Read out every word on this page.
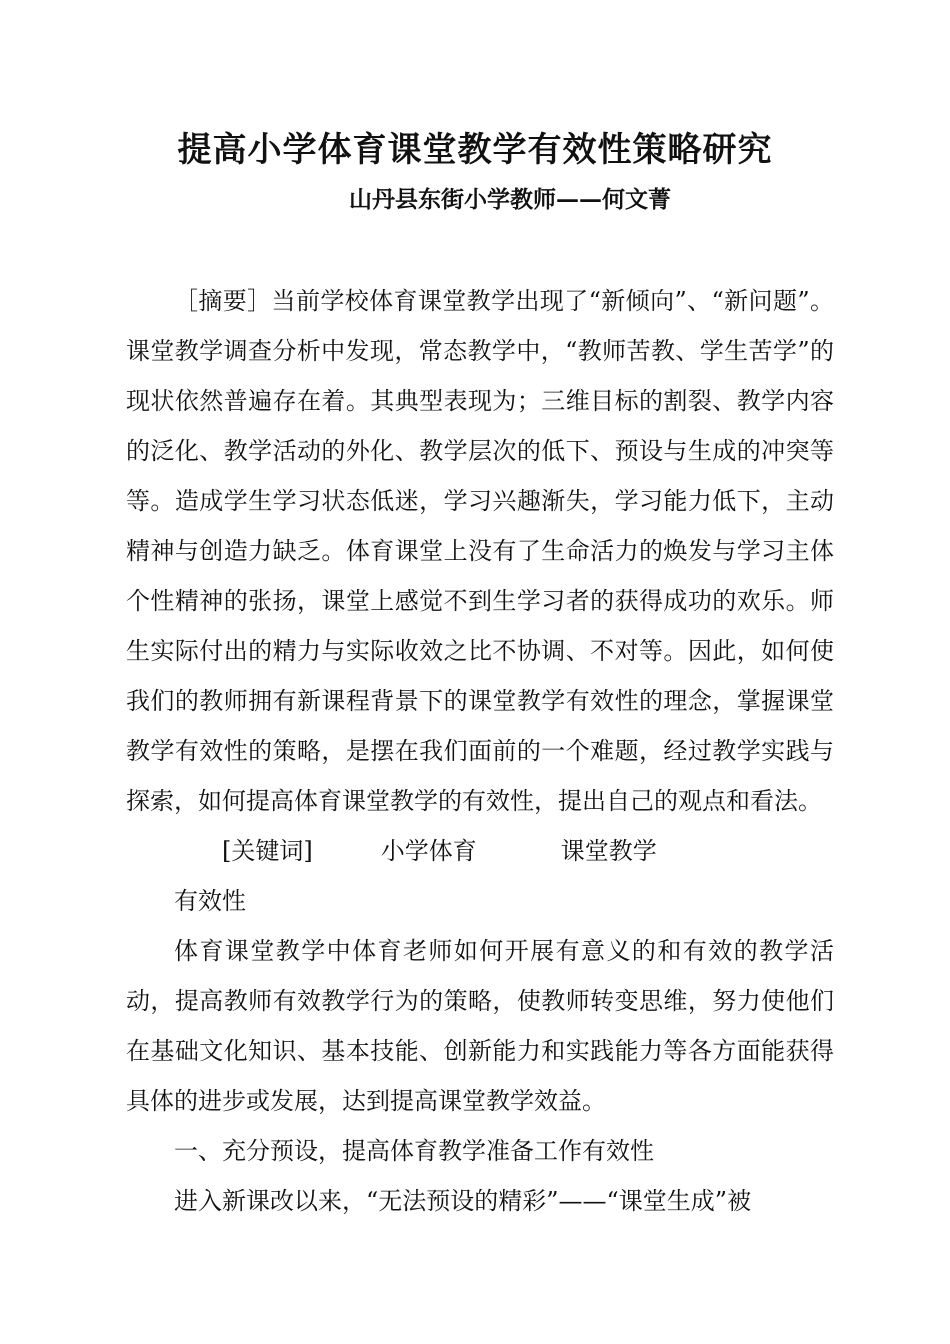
提高小学体育课堂教学有效性策略研究
山丹县东街小学教师——何文菁

［摘要］当前学校体育课堂教学出现了“新倾向”、“新问题”。课堂教学调查分析中发现，常态教学中，“教师苦教、学生苦学”的现状依然普遍存在着。其典型表现为；三维目标的割裂、教学内容的泛化、教学活动的外化、教学层次的低下、预设与生成的冲突等等。造成学生学习状态低迷，学习兴趣渐失，学习能力低下，主动精神与创造力缺乏。体育课堂上没有了生命活力的焕发与学习主体个性精神的张扬，课堂上感觉不到生学习者的获得成功的欢乐。师生实际付出的精力与实际收效之比不协调、不对等。因此，如何使我们的教师拥有新课程背景下的课堂教学有效性的理念，掌握课堂教学有效性的策略，是摆在我们面前的一个难题，经过教学实践与探索，如何提高体育课堂教学的有效性，提出自己的观点和看法。

[关键词]	小学体育	课堂教学有效性

体育课堂教学中体育老师如何开展有意义的和有效的教学活动，提高教师有效教学行为的策略，使教师转变思维，努力使他们在基础文化知识、基本技能、创新能力和实践能力等各方面能获得具体的进步或发展，达到提高课堂教学效益。

一、充分预设，提高体育教学准备工作有效性

进入新课改以来，“无法预设的精彩”——“课堂生成”被
